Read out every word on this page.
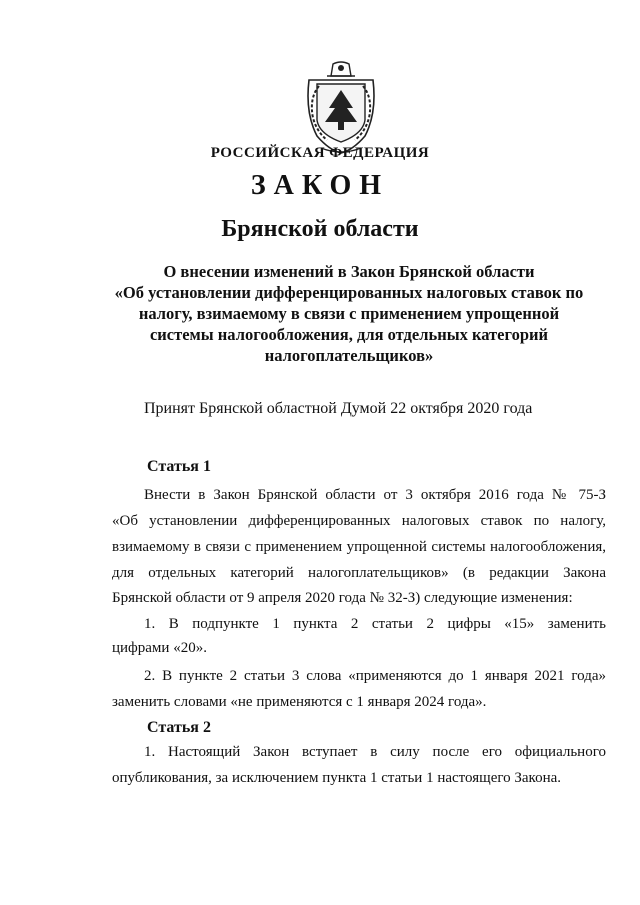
РОССИЙСКАЯ ФЕДЕРАЦИЯ
ЗАКОН
Брянской области
О внесении изменений в Закон Брянской области
«Об установлении дифференцированных налоговых ставок по
налогу, взимаемому в связи с применением упрощенной
системы налогообложения, для отдельных категорий
налогоплательщиков»
Принят Брянской областной Думой 22 октября 2020 года
Статья 1
Внести в Закон Брянской области от 3 октября 2016 года № 75-З
«Об установлении дифференцированных налоговых ставок по налогу,
взимаемому в связи с применением упрощенной системы налогообложения,
для отдельных категорий налогоплательщиков» (в редакции Закона
Брянской области от 9 апреля 2020 года № 32-З) следующие изменения:
1. В подпункте 1 пункта 2 статьи 2 цифры «15» заменить
цифрами «20».
2. В пункте 2 статьи 3 слова «применяются до 1 января 2021 года»
заменить словами «не применяются с 1 января 2024 года».
Статья 2
1. Настоящий Закон вступает в силу после его официального
опубликования, за исключением пункта 1 статьи 1 настоящего Закона.
